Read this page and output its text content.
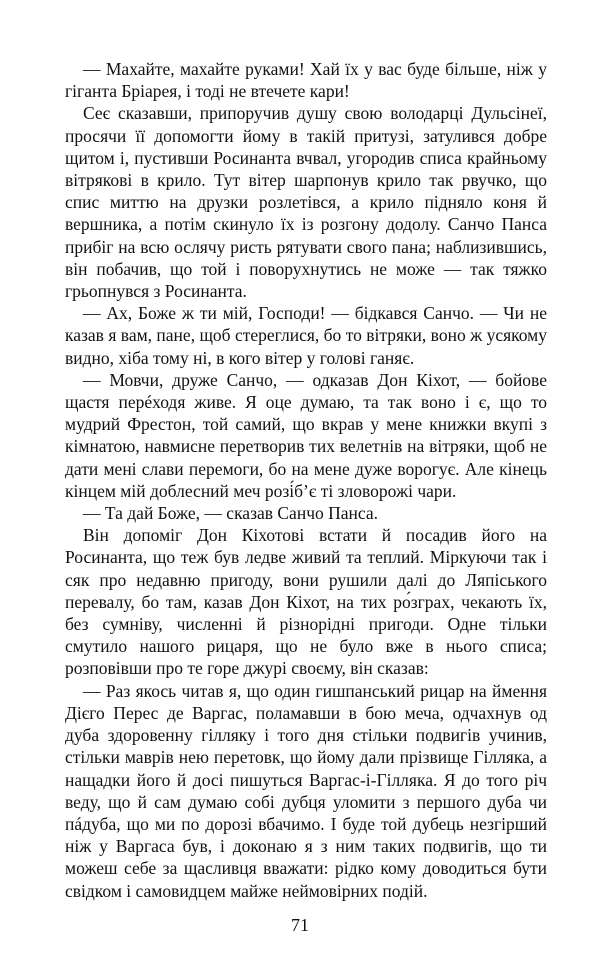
— Махайте, махайте руками! Хай їх у вас буде більше, ніж у гіганта Бріарея, і тоді не втечете кари!

Сеє сказавши, припоручив душу свою володарці Дульсінеї, просячи її допомогти йому в такій притузі, затулився добре щитом і, пустивши Росинанта вчвал, угородив списа крайньому вітрякові в крило. Тут вітер шарпонув крило так рвучко, що спис миттю на друзки розлетівся, а крило підняло коня й вершника, а потім скинуло їх із розгону додолу. Санчо Панса прибіг на всю ослячу ристь рятувати свого пана; наблизившись, він побачив, що той і поворухнутись не може — так тяжко грьопнувся з Росинанта.

— Ах, Боже ж ти мій, Господи! — бідкався Санчо. — Чи не казав я вам, пане, щоб стереглися, бо то вітряки, воно ж усякому видно, хіба тому ні, в кого вітер у голові ганяє.

— Мовчи, друже Санчо, — одказав Дон Кіхот, — бойове щастя перéходя живе. Я оце думаю, та так воно і є, що то мудрий Фрестон, той самий, що вкрав у мене книжки вкупі з кімнатою, навмисне перетворив тих велетнів на вітряки, щоб не дати мені слави перемоги, бо на мене дуже ворогує. Але кінець кінцем мій доблесний меч розі́б’є ті зловорожі чари.

— Та дай Боже, — сказав Санчо Панса.

Він допоміг Дон Кіхотові встати й посадив його на Росинанта, що теж був ледве живий та теплий. Міркуючи так і сяк про недавню пригоду, вони рушили далі до Ляпіського перевалу, бо там, казав Дон Кіхот, на тих ро́зграх, чекають їх, без сумніву, численні й різнорідні пригоди. Одне тільки смутило нашого рицаря, що не було вже в нього списа; розповівши про те горе джурі своєму, він сказав:

— Раз якось читав я, що один гишпанський рицар на ймення Дієго Перес де Варгас, поламавши в бою меча, одчахнув од дуба здоровенну гілляку і того дня стільки подвигів учинив, стільки маврів нею перетовк, що йому дали прізвище Гілляка, а нащадки його й досі пишуться Варгас-і-Гілляка. Я до того річ веду, що й сам думаю собі дубця уломити з першого дуба чи пáдуба, що ми по дорозі вбачимо. І буде той дубець незгірший ніж у Варгаса був, і доконаю я з ним таких подвигів, що ти можеш себе за щасливця вважати: рідко кому доводиться бути свідком і самовидцем майже неймовірних подій.

71
